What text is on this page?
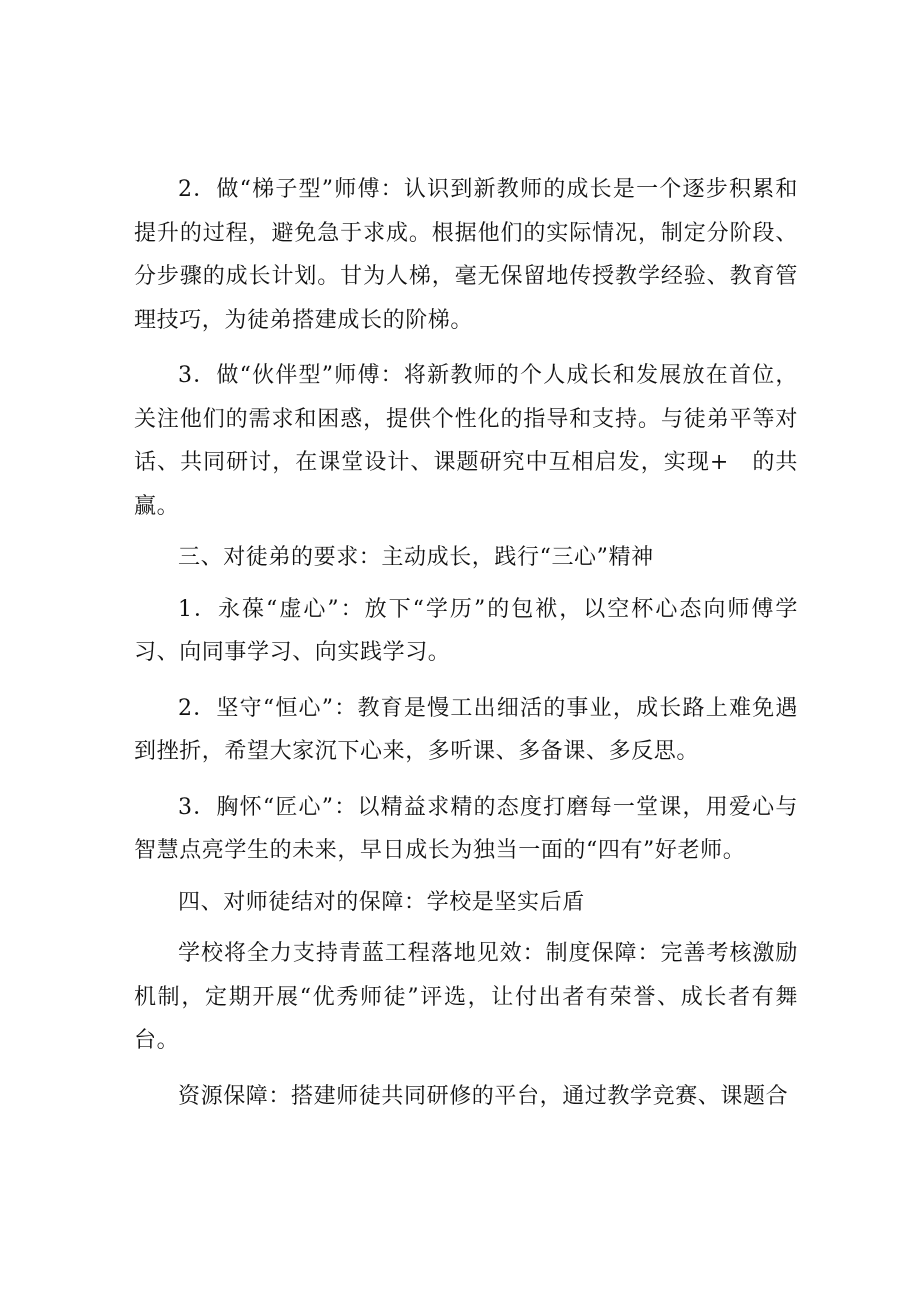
2．做“梯子型”师傅：认识到新教师的成长是一个逐步积累和提升的过程，避免急于求成。根据他们的实际情况，制定分阶段、分步骤的成长计划。甘为人梯，毫无保留地传授教学经验、教育管理技巧，为徒弟搭建成长的阶梯。

3．做“伙伴型”师傅：将新教师的个人成长和发展放在首位，关注他们的需求和困惑，提供个性化的指导和支持。与徒弟平等对话、共同研讨，在课堂设计、课题研究中互相启发，实现+　的共赢。

三、对徒弟的要求：主动成长，践行“三心”精神

1．永葆“虚心”：放下“学历”的包袱，以空杯心态向师傅学习、向同事学习、向实践学习。

2．坚守“恒心”：教育是慢工出细活的事业，成长路上难免遇到挫折，希望大家沉下心来，多听课、多备课、多反思。

3．胸怀“匠心”：以精益求精的态度打磨每一堂课，用爱心与智慧点亮学生的未来，早日成长为独当一面的“四有”好老师。

四、对师徒结对的保障：学校是坚实后盾

学校将全力支持青蓝工程落地见效：制度保障：完善考核激励机制，定期开展“优秀师徒”评选，让付出者有荣誉、成长者有舞台。

资源保障：搭建师徒共同研修的平台，通过教学竞赛、课题合
